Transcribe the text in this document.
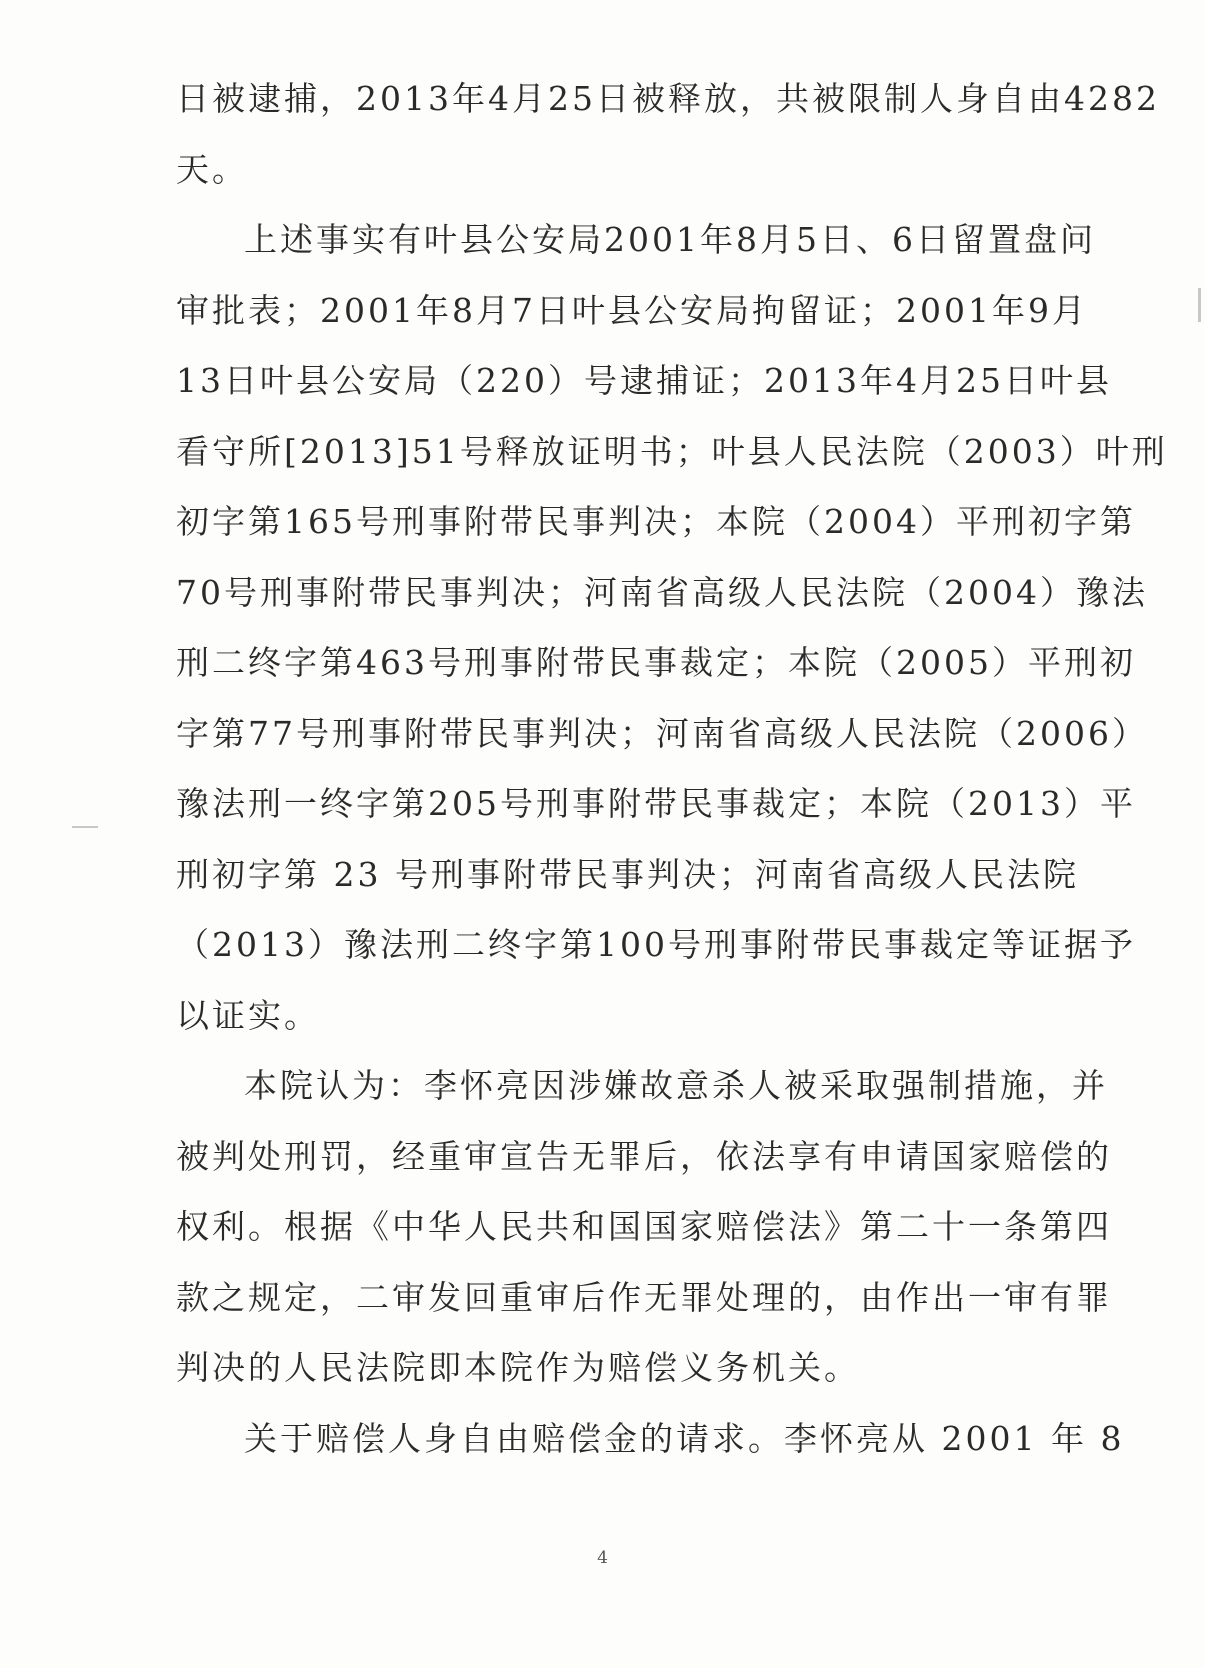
日被逮捕，2013年4月25日被释放，共被限制人身自由4282
天。
上述事实有叶县公安局2001年8月5日、6日留置盘问
审批表；2001年8月7日叶县公安局拘留证；2001年9月
13日叶县公安局（220）号逮捕证；2013年4月25日叶县
看守所[2013]51号释放证明书；叶县人民法院（2003）叶刑
初字第165号刑事附带民事判决；本院（2004）平刑初字第
70号刑事附带民事判决；河南省高级人民法院（2004）豫法
刑二终字第463号刑事附带民事裁定；本院（2005）平刑初
字第77号刑事附带民事判决；河南省高级人民法院（2006）
豫法刑一终字第205号刑事附带民事裁定；本院（2013）平
刑初字第 23 号刑事附带民事判决；河南省高级人民法院
（2013）豫法刑二终字第100号刑事附带民事裁定等证据予
以证实。
本院认为：李怀亮因涉嫌故意杀人被采取强制措施，并
被判处刑罚，经重审宣告无罪后，依法享有申请国家赔偿的
权利。根据《中华人民共和国国家赔偿法》第二十一条第四
款之规定，二审发回重审后作无罪处理的，由作出一审有罪
判决的人民法院即本院作为赔偿义务机关。
关于赔偿人身自由赔偿金的请求。李怀亮从 2001 年 8
4
